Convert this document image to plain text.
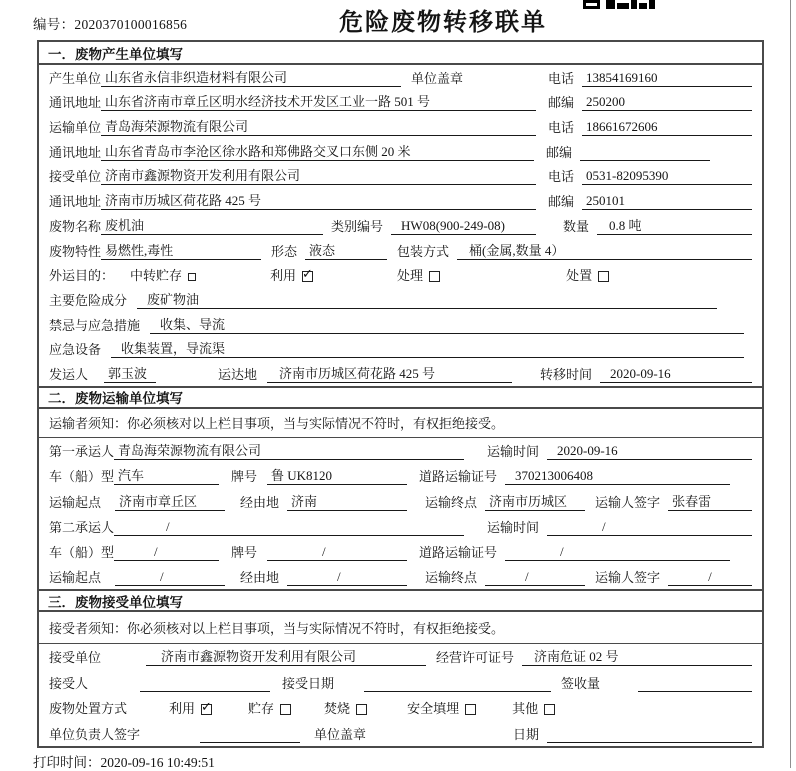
编号：2020370100016856	危险废物转移联单
一．废物产生单位填写
产生单位 山东省永信非织造材料有限公司	单位盖章	电话 13854169160
通讯地址 山东省济南市章丘区明水经济技术开发区工业一路 501 号	邮编 250200
运输单位 青岛海荣源物流有限公司	电话 18661672606
通讯地址 山东省青岛市李沧区徐水路和郑佛路交叉口东侧 20 米	邮编
接受单位 济南市鑫源物资开发利用有限公司	电话 0531-82095390
通讯地址 济南市历城区荷花路 425 号	邮编 250101
废物名称 废机油	类别编号	HW08(900-249-08)	数量	0.8 吨
废物特性 易燃性,毒性	形态 液态	包装方式	桶(金属,数量 4）
外运目的： 中转贮存	利用 ✓	处理	处置
主要危险成分	废矿物油
禁忌与应急措施	收集、导流
应急设备	收集装置，导流渠
发运人	郭玉波	运达地	济南市历城区荷花路 425 号	转移时间	2020-09-16
二．废物运输单位填写
运输者须知：你必须核对以上栏目事项，当与实际情况不符时，有权拒绝接受。
第一承运人 青岛海荣源物流有限公司	运输时间	2020-09-16
车（船）型 汽车	牌号	鲁 UK8120	道路运输证号	370213006408
运输起点	济南市章丘区	经由地 济南	运输终点 济南市历城区	运输人签字 张春雷
第二承运人	/	运输时间	/
车（船）型	/	牌号	/	道路运输证号	/
运输起点	/	经由地	/	运输终点	/	运输人签字	/
三．废物接受单位填写
接受者须知：你必须核对以上栏目事项，当与实际情况不符时，有权拒绝接受。
接受单位	济南市鑫源物资开发利用有限公司	经营许可证号	济南危证 02 号
接受人	接受日期	签收量
废物处置方式	利用 ✓	贮存	焚烧	安全填埋	其他
单位负责人签字	单位盖章	日期
打印时间：2020-09-16 10:49:51
